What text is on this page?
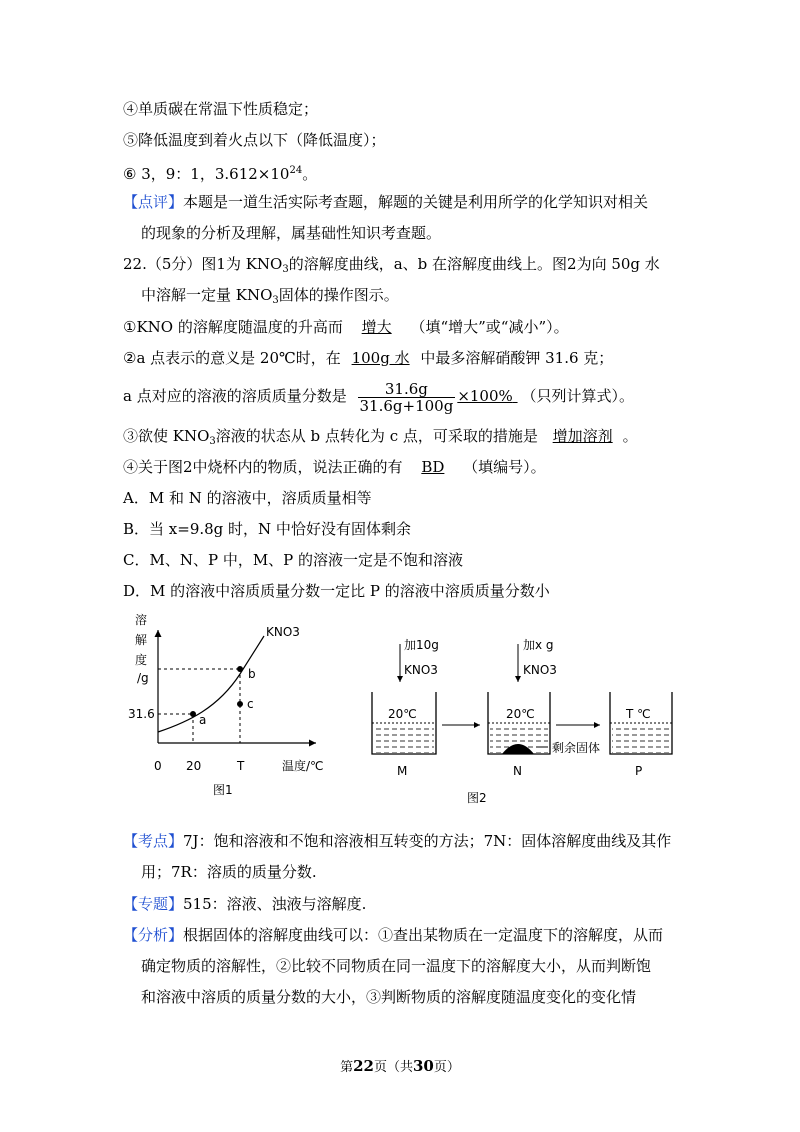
④单质碳在常温下性质稳定；
⑤降低温度到着火点以下（降低温度）；
⑥ 3，9：1，$3.612\times 10^{24}$。
【点评】本题是一道生活实际考查题，解题的关键是利用所学的化学知识对相关
的现象的分析及理解，属基础性知识考查题。
22.（5分）图1为 $KNO_3$的溶解度曲线，a、b 在溶解度曲线上。图2为向 50g 水
中溶解一定量 $KNO_3$固体的操作图示。
①KNO 的溶解度随温度的升高而 增大 （填“增大”或“减小”）。
②a 点表示的意义是 20℃时，在 100g 水 中最多溶解硝酸钾 31.6 克；
a 点对应的溶液的溶质质量分数是 $\frac{31.6g}{31.6g+100g} \times 100\%$ （只列计算式）。
③欲使 $KNO_3$溶液的状态从 b 点转化为 c 点，可采取的措施是 增加溶剂 。
④关于图2中烧杯内的物质，说法正确的有 BD （填编号）。
A．M 和 N 的溶液中，溶质质量相等
B．当 x=9.8g 时，N 中恰好没有固体剩余
C．M、N、P 中，M、P 的溶液一定是不饱和溶液
D．M 的溶液中溶质质量分数一定比 P 的溶液中溶质质量分数小
溶
解
度
/g
31.6
0 20	T	温度/℃
KNO3
a
b
c
图1
加10g
KNO3
加x g
KNO3
20℃
M
20℃
剩余固体
N
T ℃
P
图2
【考点】7J：饱和溶液和不饱和溶液相互转变的方法；7N：固体溶解度曲线及其作
用；7R：溶质的质量分数.
【专题】515：溶液、浊液与溶解度.
【分析】根据固体的溶解度曲线可以：①查出某物质在一定温度下的溶解度，从而
确定物质的溶解性，②比较不同物质在同一温度下的溶解度大小，从而判断饱
和溶液中溶质的质量分数的大小，③判断物质的溶解度随温度变化的变化情
第22页（共30页）
